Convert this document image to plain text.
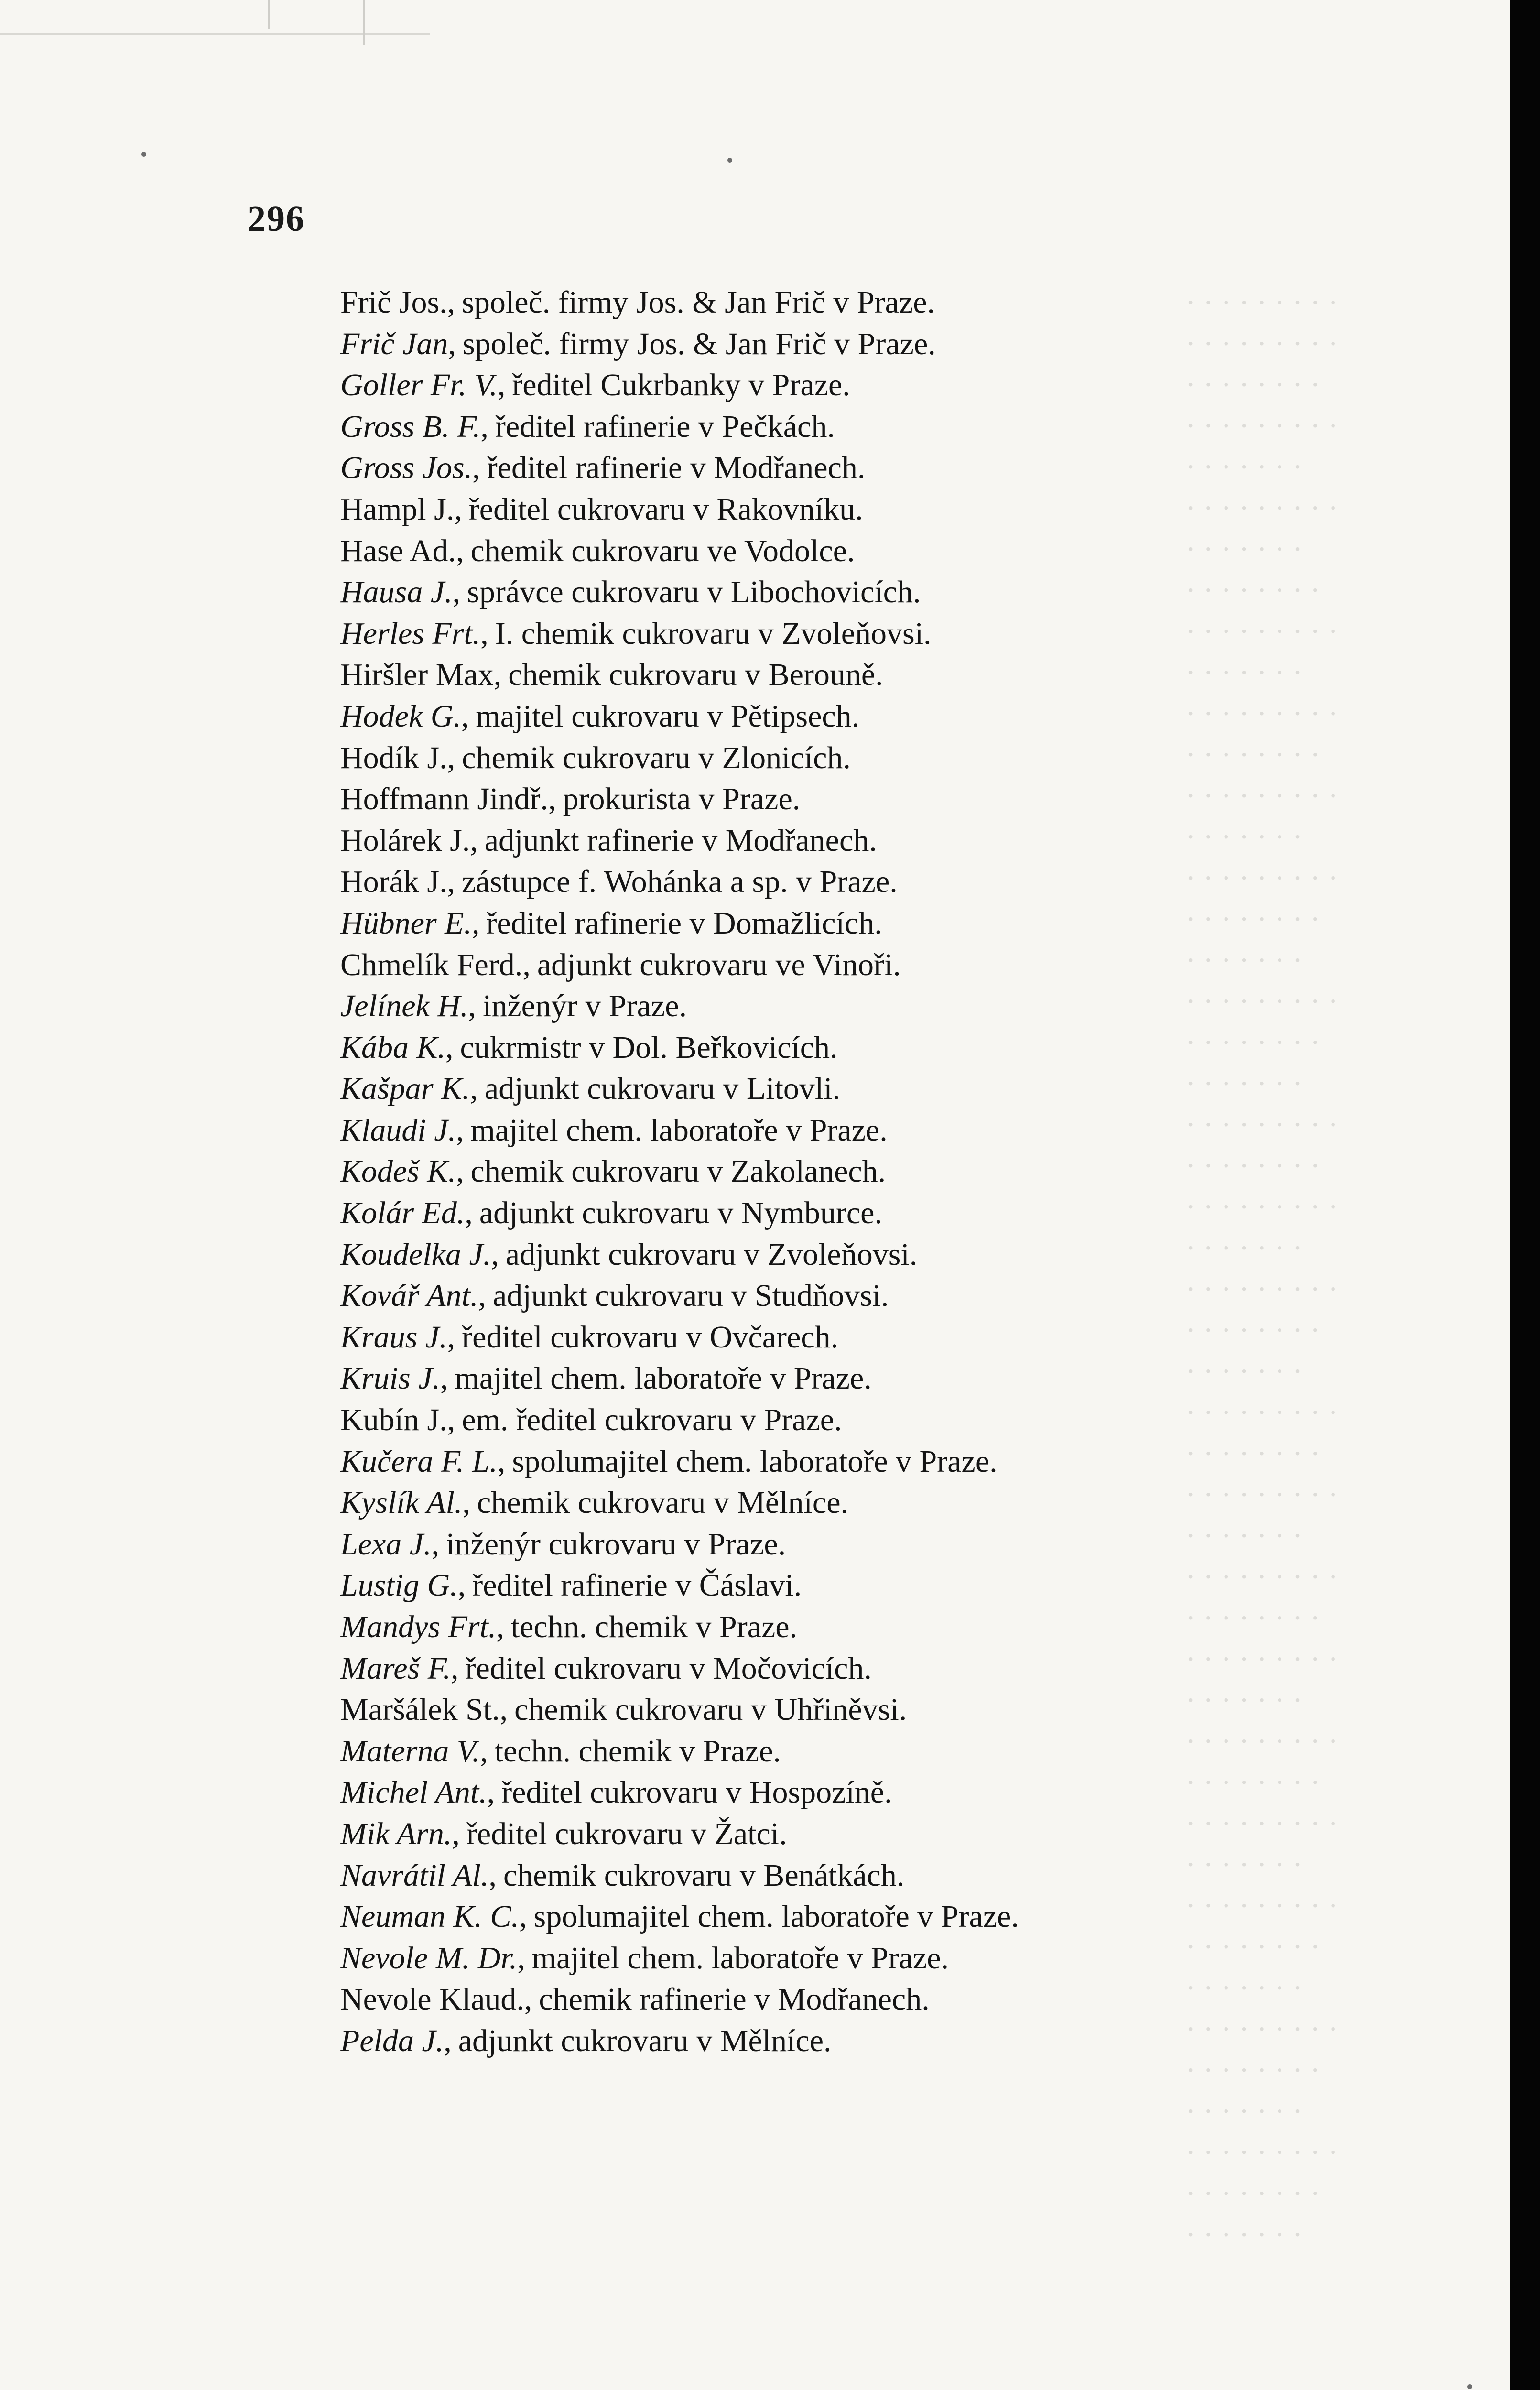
· · · · · · · · ·
· · · · · · · · ·
· · · · · · · ·
· · · · · · · · ·
· · · · · · ·
· · · · · · · · ·
· · · · · · ·
· · · · · · · ·
· · · · · · · · ·
· · · · · · ·
· · · · · · · · ·
· · · · · · · ·
· · · · · · · · ·
· · · · · · ·
· · · · · · · · ·
· · · · · · · ·
· · · · · · ·
· · · · · · · · ·
· · · · · · · ·
· · · · · · ·
· · · · · · · · ·
· · · · · · · ·
· · · · · · · · ·
· · · · · · ·
· · · · · · · · ·
· · · · · · · ·
· · · · · · ·
· · · · · · · · ·
· · · · · · · ·
· · · · · · · · ·
· · · · · · ·
· · · · · · · · ·
· · · · · · · ·
· · · · · · · · ·
· · · · · · ·
· · · · · · · · ·
· · · · · · · ·
· · · · · · · · ·
· · · · · · ·
· · · · · · · · ·
· · · · · · · ·
· · · · · · ·
· · · · · · · · ·
· · · · · · · ·
· · · · · · ·
· · · · · · · · ·
· · · · · · · ·
· · · · · · ·
296
Frič Jos., společ. firmy Jos. & Jan Frič v Praze.
Frič Jan, společ. firmy Jos. & Jan Frič v Praze.
Goller Fr. V., ředitel Cukrbanky v Praze.
Gross B. F., ředitel rafinerie v Pečkách.
Gross Jos., ředitel rafinerie v Modřanech.
Hampl J., ředitel cukrovaru v Rakovníku.
Hase Ad., chemik cukrovaru ve Vodolce.
Hausa J., správce cukrovaru v Libochovicích.
Herles Frt., I. chemik cukrovaru v Zvoleňovsi.
Hiršler Max, chemik cukrovaru v Berouně.
Hodek G., majitel cukrovaru v Pětipsech.
Hodík J., chemik cukrovaru v Zlonicích.
Hoffmann Jindř., prokurista v Praze.
Holárek J., adjunkt rafinerie v Modřanech.
Horák J., zástupce f. Wohánka a sp. v Praze.
Hübner E., ředitel rafinerie v Domažlicích.
Chmelík Ferd., adjunkt cukrovaru ve Vinoři.
Jelínek H., inženýr v Praze.
Kába K., cukrmistr v Dol. Beřkovicích.
Kašpar K., adjunkt cukrovaru v Litovli.
Klaudi J., majitel chem. laboratoře v Praze.
Kodeš K., chemik cukrovaru v Zakolanech.
Kolár Ed., adjunkt cukrovaru v Nymburce.
Koudelka J., adjunkt cukrovaru v Zvoleňovsi.
Kovář Ant., adjunkt cukrovaru v Studňovsi.
Kraus J., ředitel cukrovaru v Ovčarech.
Kruis J., majitel chem. laboratoře v Praze.
Kubín J., em. ředitel cukrovaru v Praze.
Kučera F. L., spolumajitel chem. laboratoře v Praze.
Kyslík Al., chemik cukrovaru v Mělníce.
Lexa J., inženýr cukrovaru v Praze.
Lustig G., ředitel rafinerie v Čáslavi.
Mandys Frt., techn. chemik v Praze.
Mareš F., ředitel cukrovaru v Močovicích.
Maršálek St., chemik cukrovaru v Uhřiněvsi.
Materna V., techn. chemik v Praze.
Michel Ant., ředitel cukrovaru v Hospozíně.
Mik Arn., ředitel cukrovaru v Žatci.
Navrátil Al., chemik cukrovaru v Benátkách.
Neuman K. C., spolumajitel chem. laboratoře v Praze.
Nevole M. Dr., majitel chem. laboratoře v Praze.
Nevole Klaud., chemik rafinerie v Modřanech.
Pelda J., adjunkt cukrovaru v Mělníce.
